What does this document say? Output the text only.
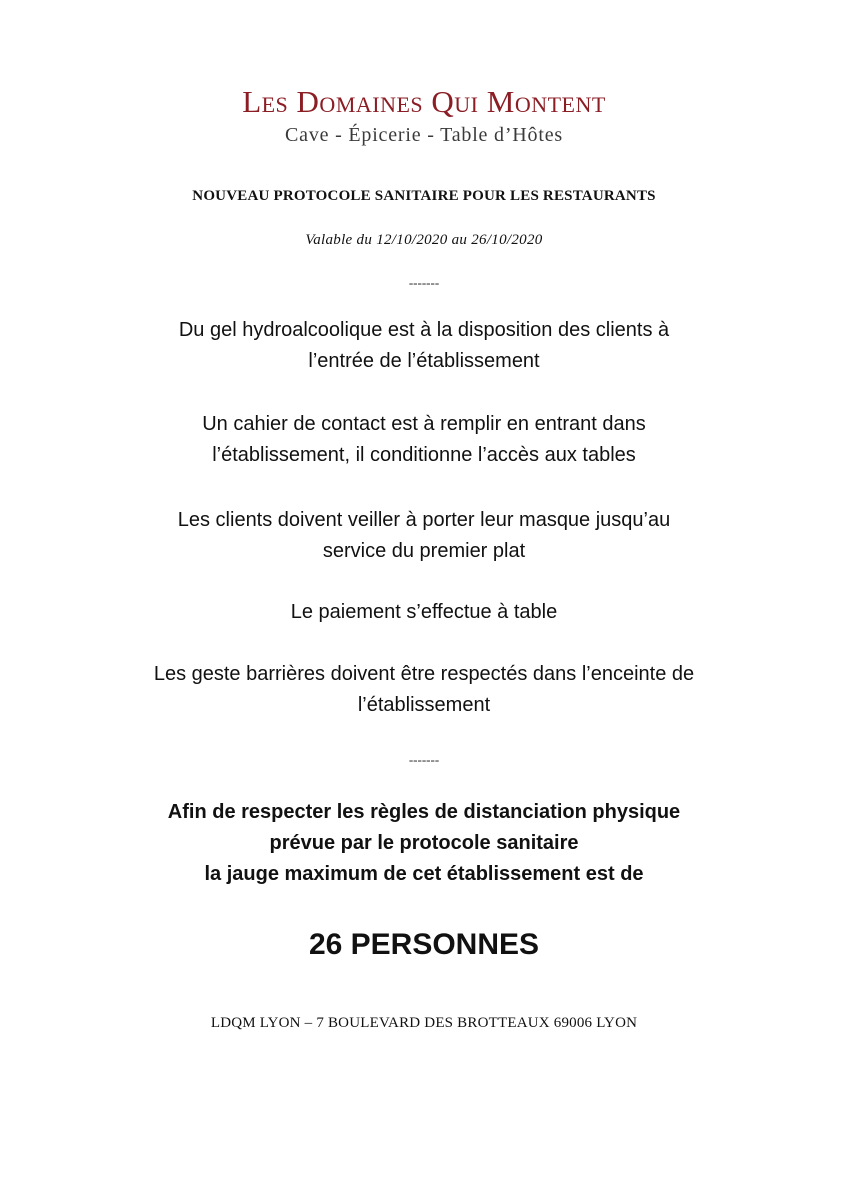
Les Domaines Qui Montent
Cave - Épicerie - Table d’Hôtes
NOUVEAU PROTOCOLE SANITAIRE POUR LES RESTAURANTS
Valable du 12/10/2020 au 26/10/2020
-------
Du gel hydroalcoolique est à la disposition des clients à
l’entrée de l’établissement
Un cahier de contact est à remplir en entrant dans
l’établissement, il conditionne l’accès aux tables
Les clients doivent veiller à porter leur masque jusqu’au
service du premier plat
Le paiement s’effectue à table
Les geste barrières doivent être respectés dans l’enceinte de
l’établissement
-------
Afin de respecter les règles de distanciation physique
prévue par le protocole sanitaire
la jauge maximum de cet établissement est de
26 PERSONNES
LDQM LYON – 7 BOULEVARD DES BROTTEAUX 69006 LYON
